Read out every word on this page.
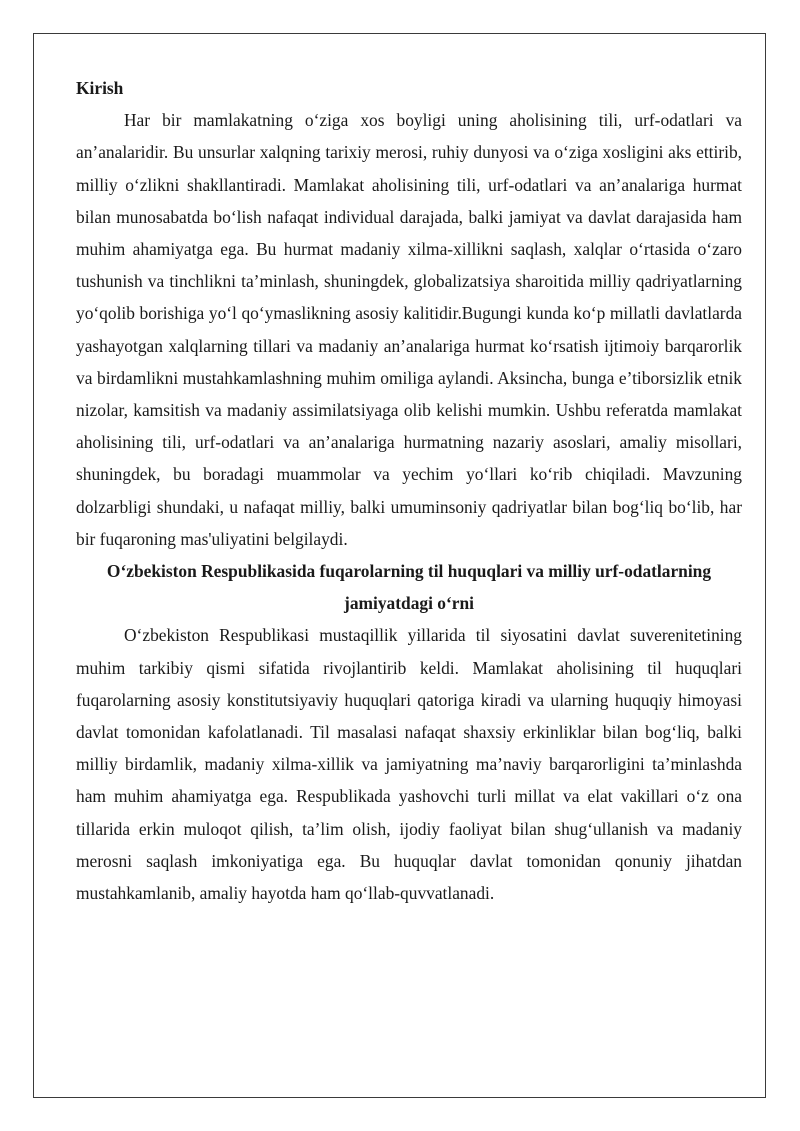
Kirish

Har bir mamlakatning oʻziga xos boyligi uning aholisining tili, urf-odatlari va an’analaridir. Bu unsurlar xalqning tarixiy merosi, ruhiy dunyosi va oʻziga xosligini aks ettirib, milliy oʻzlikni shakllantiradi. Mamlakat aholisining tili, urf-odatlari va an’analariga hurmat bilan munosabatda boʻlish nafaqat individual darajada, balki jamiyat va davlat darajasida ham muhim ahamiyatga ega. Bu hurmat madaniy xilma-xillikni saqlash, xalqlar oʻrtasida oʻzaro tushunish va tinchlikni ta’minlash, shuningdek, globalizatsiya sharoitida milliy qadriyatlarning yoʻqolib borishiga yoʻl qoʻymaslikning asosiy kalitidir.Bugungi kunda koʻp millatli davlatlarda yashayotgan xalqlarning tillari va madaniy an’analariga hurmat koʻrsatish ijtimoiy barqarorlik va birdamlikni mustahkamlashning muhim omiliga aylandi. Aksincha, bunga e’tiborsizlik etnik nizolar, kamsitish va madaniy assimilatsiyaga olib kelishi mumkin. Ushbu referatda mamlakat aholisining tili, urf-odatlari va an’analariga hurmatning nazariy asoslari, amaliy misollari, shuningdek, bu boradagi muammolar va yechim yoʻllari koʻrib chiqiladi. Mavzuning dolzarbligi shundaki, u nafaqat milliy, balki umuminsoniy qadriyatlar bilan bogʻliq boʻlib, har bir fuqaroning mas'uliyatini belgilaydi.

Oʻzbekiston Respublikasida fuqarolarning til huquqlari va milliy urf-odatlarning jamiyatdagi oʻrni

Oʻzbekiston Respublikasi mustaqillik yillarida til siyosatini davlat suverenitetining muhim tarkibiy qismi sifatida rivojlantirib keldi. Mamlakat aholisining til huquqlari fuqarolarning asosiy konstitutsiyaviy huquqlari qatoriga kiradi va ularning huquqiy himoyasi davlat tomonidan kafolatlanadi. Til masalasi nafaqat shaxsiy erkinliklar bilan bogʻliq, balki milliy birdamlik, madaniy xilma-xillik va jamiyatning ma’naviy barqarorligini ta’minlashda ham muhim ahamiyatga ega. Respublikada yashovchi turli millat va elat vakillari oʻz ona tillarida erkin muloqot qilish, ta’lim olish, ijodiy faoliyat bilan shugʻullanish va madaniy merosni saqlash imkoniyatiga ega. Bu huquqlar davlat tomonidan qonuniy jihatdan mustahkamlanib, amaliy hayotda ham qoʻllab-quvvatlanadi.
